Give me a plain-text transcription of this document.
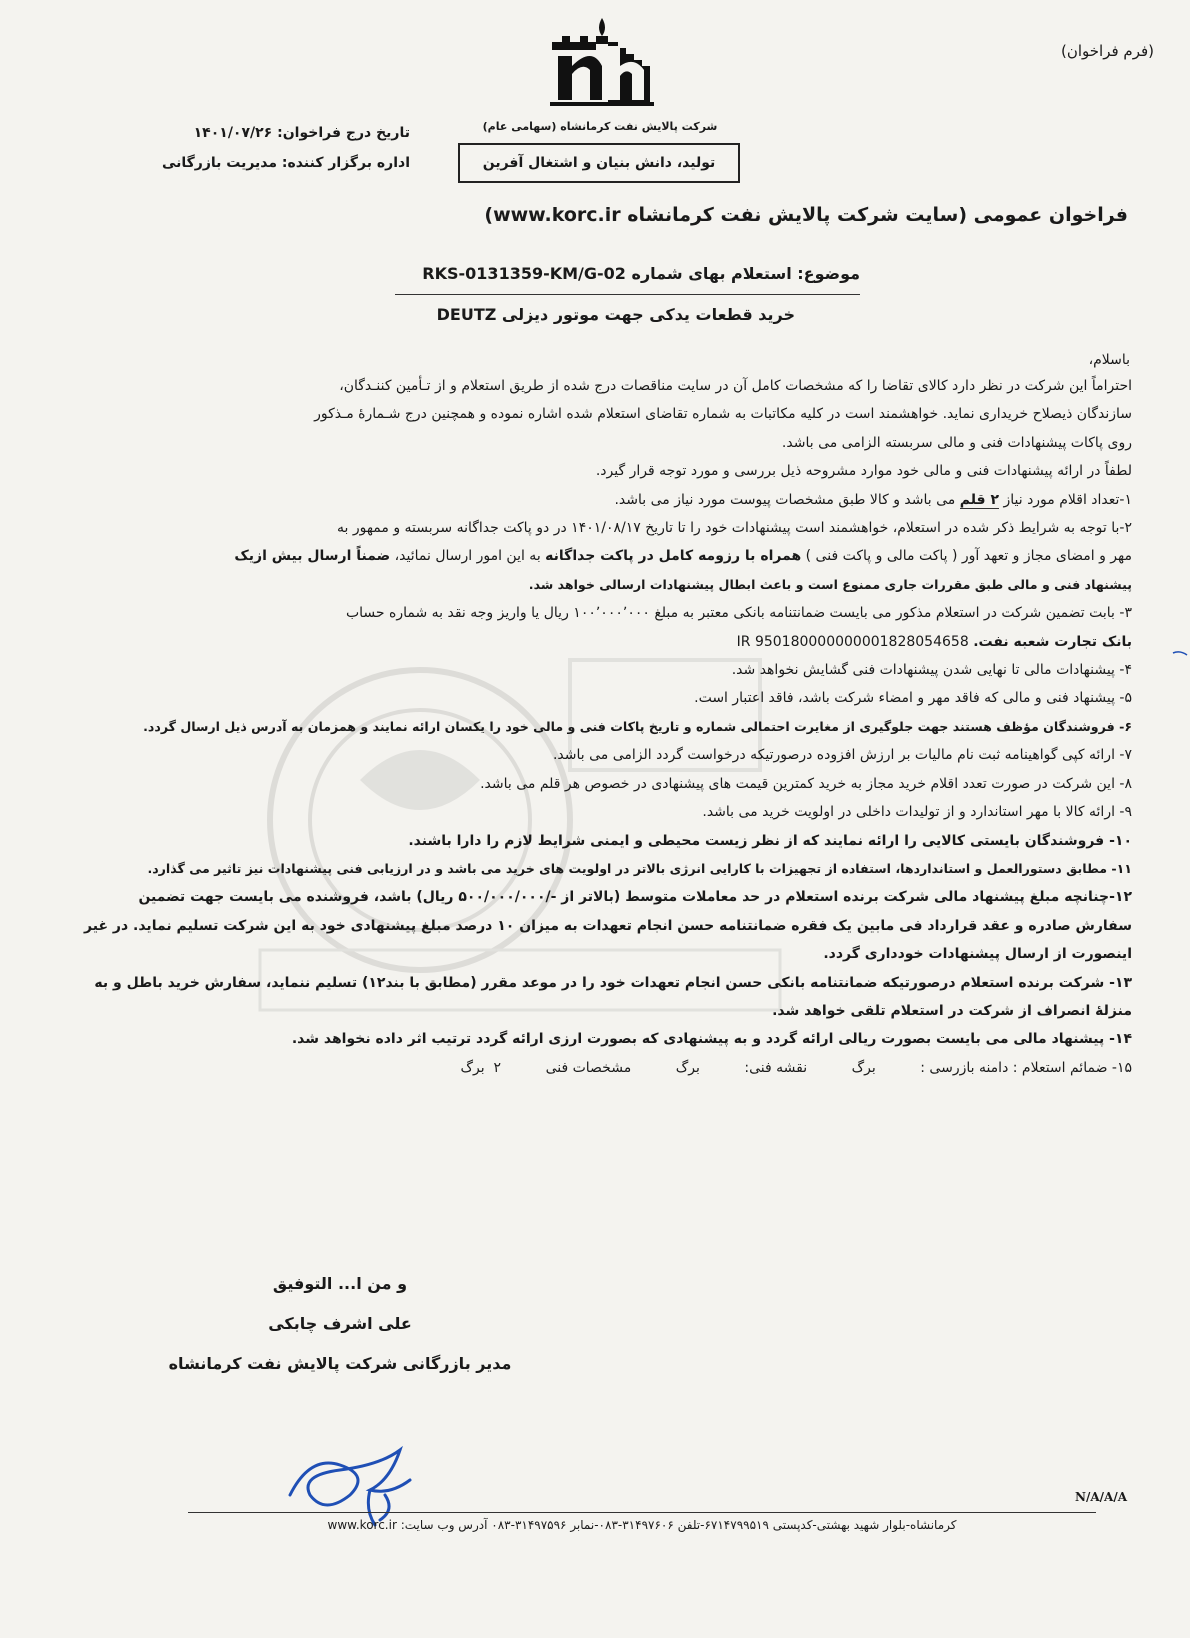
(فرم فراخوان)
شرکت پالایش نفت کرمانشاه (سهامی عام)
تولید، دانش بنیان و اشتغال آفرین
تاریخ درج فراخوان: ۱۴۰۱/۰۷/۲۶
اداره برگزار کننده: مدیریت بازرگانی
فراخوان عمومی (سایت شرکت پالایش نفت کرمانشاه www.korc.ir)
موضوع: استعلام بهای شماره RKS-0131359-KM/G-02
خرید قطعات یدکی جهت موتور دیزلی DEUTZ
باسلام،

احتراماً این شرکت در نظر دارد کالای تقاضا را که مشخصات کامل آن در سایت مناقصات درج شده از طریق استعلام و از تـأمین کننـدگان،

سازندگان ذیصلاح خریداری نماید. خواهشمند است در کلیه مکاتبات به شماره تقاضای استعلام شده اشاره نموده و همچنین درج شـمارۀ مـذکور

روی پاکات پیشنهادات فنی و مالی سربسته الزامی می باشد.

لطفاً در ارائه پیشنهادات فنی و مالی خود موارد مشروحه ذیل بررسی و مورد توجه قرار گیرد.

۱-تعداد اقلام مورد نیاز ۲ قلم می باشد و کالا طبق مشخصات پیوست مورد نیاز می باشد.

۲-با توجه به شرایط ذکر شده در استعلام، خواهشمند است پیشنهادات خود را تا تاریخ ۱۴۰۱/۰۸/۱۷ در دو پاکت جداگانه سربسته و ممهور به

مهر و امضای مجاز و تعهد آور ( پاکت مالی و پاکت فنی ) همراه با رزومه کامل در پاکت جداگانه به این امور ارسال نمائید، ضمناً ارسال بیش ازیک

پیشنهاد فنی و مالی طبق مقررات جاری ممنوع است و باعث ابطال پیشنهادات ارسالی خواهد شد.

۳- بابت تضمین شرکت در استعلام مذکور می بایست ضمانتنامه بانکی معتبر به مبلغ ۱۰۰٬۰۰۰٬۰۰۰ ریال یا واریز وجه نقد به شماره حساب

بانک تجارت شعبه نفت. IR 950180000000001828054658

۴- پیشنهادات مالی تا نهایی شدن پیشنهادات فنی گشایش نخواهد شد.

۵- پیشنهاد فنی و مالی که فاقد مهر و امضاء شرکت باشد، فاقد اعتبار است.

۶- فروشندگان مؤظف هستند جهت جلوگیری از مغایرت احتمالی شماره و تاریخ پاکات فنی و مالی خود را یکسان ارائه نمایند و همزمان به آدرس ذیل ارسال گردد.

۷- ارائه کپی گواهینامه ثبت نام مالیات بر ارزش افزوده درصورتیکه درخواست گردد الزامی می باشد.

۸- این شرکت در صورت تعدد اقلام خرید مجاز به خرید کمترین قیمت های پیشنهادی در خصوص هر قلم می باشد.

۹- ارائه کالا با مهر استاندارد و از تولیدات داخلی در اولویت خرید می باشد.

۱۰- فروشندگان بایستی کالایی را ارائه نمایند که از نظر زیست محیطی و ایمنی شرایط لازم را دارا باشند.

۱۱- مطابق دستورالعمل و استانداردها، استفاده از تجهیزات با کارایی انرژی بالاتر در اولویت های خرید می باشد و در ارزیابی فنی پیشنهادات نیز تاثیر می گذارد.

۱۲-چنانچه مبلغ پیشنهاد مالی شرکت برنده استعلام در حد معاملات متوسط (بالاتر از -/۵۰۰/۰۰۰/۰۰۰ ریال) باشد، فروشنده می بایست جهت تضمین

سفارش صادره و عقد قرارداد فی مابین یک فقره ضمانتنامه حسن انجام تعهدات به میزان ۱۰ درصد مبلغ پیشنهادی خود به این شرکت تسلیم نماید. در غیر

اینصورت از ارسال پیشنهادات خودداری گردد.

۱۳- شرکت برنده استعلام درصورتیکه ضمانتنامه بانکی حسن انجام تعهدات خود را در موعد مقرر (مطابق با بند۱۲) تسلیم ننماید، سفارش خرید باطل و به

منزلۀ انصراف از شرکت در استعلام تلقی خواهد شد.

۱۴- پیشنهاد مالی می بایست بصورت ریالی ارائه گردد و به پیشنهادی که بصورت ارزی ارائه گردد ترتیب اثر داده نخواهد شد.

۱۵- ضمائم استعلام : دامنه بازرسی :          برگ          نقشه فنی:          برگ          مشخصات فنی          ۲  برگ

و من ا... التوفیق
علی اشرف چابکی
مدیر بازرگانی شرکت پالایش نفت کرمانشاه
N/A/A/A
کرمانشاه-بلوار شهید بهشتی-کدپستی ۶۷۱۴۷۹۹۵۱۹-تلفن ۳۱۴۹۷۶۰۶-۰۸۳-نمابر ۳۱۴۹۷۵۹۶-۰۸۳ آدرس وب سایت: www.korc.ir
